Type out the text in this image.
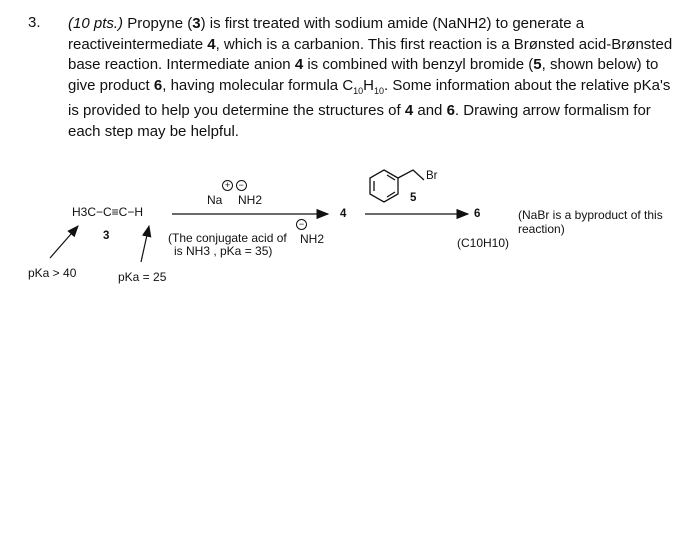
3. (10 pts.) Propyne (3) is first treated with sodium amide (NaNH2) to generate a reactiveintermediate 4, which is a carbanion. This first reaction is a Brønsted acid-Brønsted base reaction. Intermediate anion 4 is combined with benzyl bromide (5, shown below) to give product 6, having molecular formula $C_{10}H_{10}$. Some information about the relative pKa's is provided to help you determine the structures of 4 and 6. Drawing arrow formalism for each step may be helpful.
H3C−C≡C−H
3
+ −
Na NH2
(The conjugate acid of
−
NH2
is NH3 , pKa = 35)
4
Br
5
6
(C10H10)
(NaBr is a byproduct of this
reaction)
pKa > 40	pKa = 25
